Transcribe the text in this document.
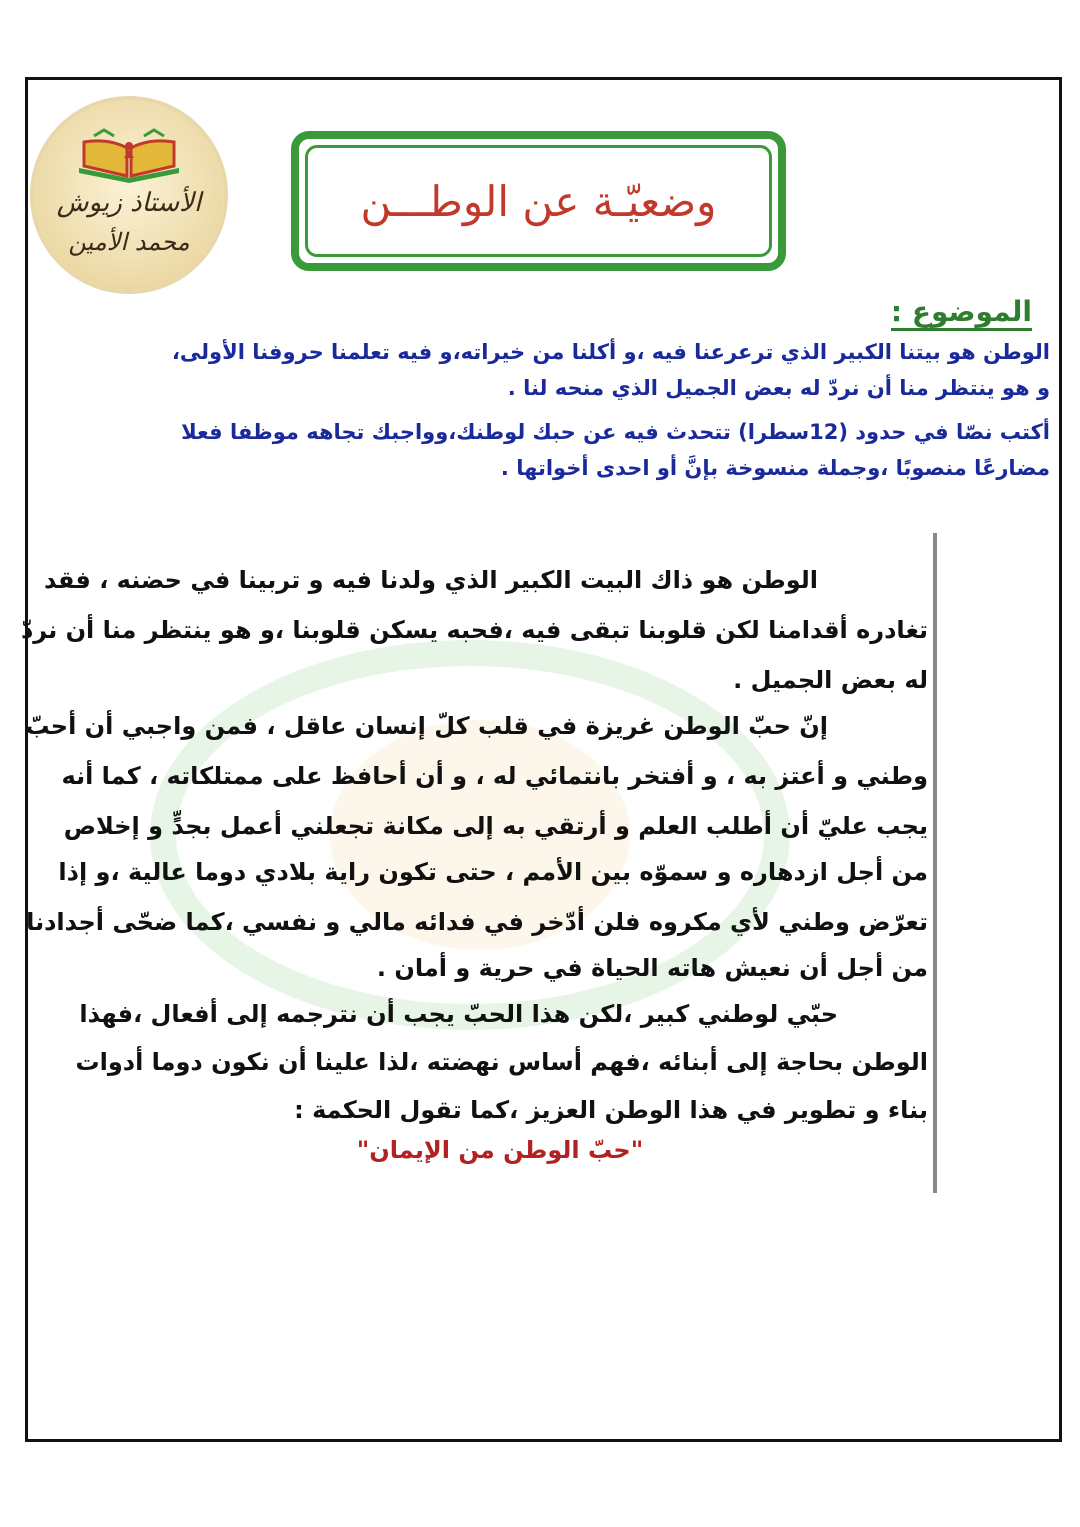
الأستاذ زيوش
محمد الأمين
وضعيّـة عن الوطـــن
الموضوع :
الوطن هو بيتنا الكبير الذي ترعرعنا فيه ،و أكلنا من خيراته،و فيه تعلمنا حروفنا الأولى،
و هو ينتظر منا أن نردّ له بعض الجميل الذي منحه لنا .
أكتب نصّا في حدود (12سطرا) تتحدث فيه عن حبك لوطنك،وواجبك تجاهه موظفا فعلا
مضارعًا منصوبًا ،وجملة منسوخة بإنَّ أو احدى أخواتها .
الوطن هو ذاك البيت الكبير الذي ولدنا فيه و تربينا في حضنه ، فقد
تغادره أقدامنا لكن قلوبنا تبقى فيه ،فحبه يسكن قلوبنا ،و هو ينتظر منا أن نردّ
له بعض الجميل .
إنّ حبّ الوطن غريزة في قلب كلّ إنسان عاقل ، فمن واجبي أن أحبّ
وطني و أعتز به ، و أفتخر بانتمائي له ، و أن أحافظ على ممتلكاته ، كما أنه
يجب عليّ أن أطلب العلم و أرتقي به إلى مكانة تجعلني أعمل بجدٍّ و إخلاص
من أجل ازدهاره و سموّه بين الأمم ، حتى تكون راية بلادي دوما عالية ،و إذا
تعرّض وطني لأي مكروه فلن أدّخر في فدائه مالي و نفسي ،كما ضحّى أجدادنا
من أجل أن نعيش هاته الحياة في حرية و أمان .
حبّي لوطني كبير ،لكن هذا الحبّ يجب أن نترجمه إلى أفعال ،فهذا
الوطن بحاجة إلى أبنائه ،فهم أساس نهضته ،لذا علينا أن نكون دوما أدوات
بناء و تطوير في هذا الوطن العزيز ،كما تقول الحكمة :
"حبّ الوطن من الإيمان"
